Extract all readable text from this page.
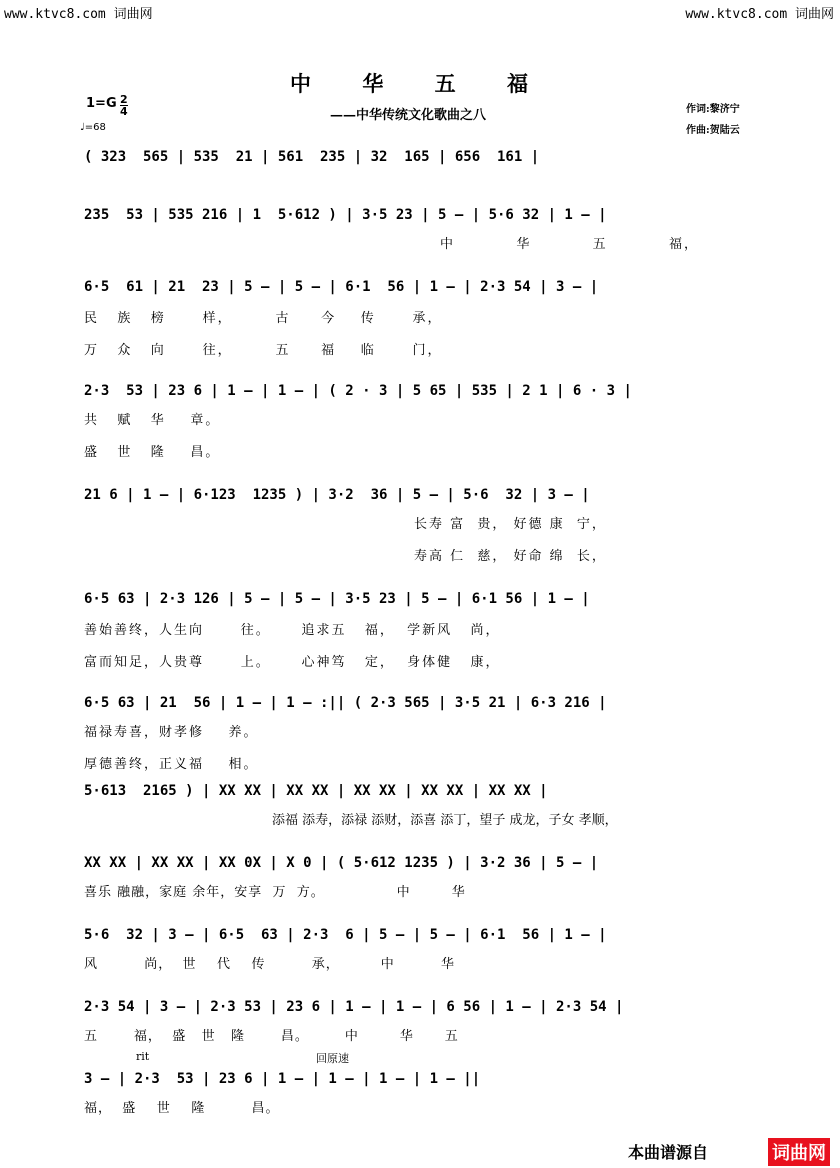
www.ktvc8.com 词曲网	www.ktvc8.com 词曲网
中 华 五 福
——中华传统文化歌曲之八	作词:黎济宁
作曲:贺陆云
1=G 2
4
♩=68
( 323  565 | 535  21 | 561  235 | 32  165 | 656  161 |
235  53 | 535 216 | 1  5·612 ) | 3·5 23 | 5 — | 5·6 32 | 1 — |
中          华          五          福，
6·5  61 | 21  23 | 5 — | 5 — | 6·1  56 | 1 — | 2·3 54 | 3 — |
民   族   榜      样，       古     今    传      承，
万   众   向      往，       五     福    临      门，
2·3  53 | 23 6 | 1 — | 1 — | ( 2 · 3 | 5 65 | 535 | 2 1 | 6 · 3 |
共   赋   华    章。
盛   世   隆    昌。
21 6 | 1 — | 6·123  1235 ) | 3·2  36 | 5 — | 5·6  32 | 3 — |
长寿 富  贵， 好德 康  宁，
寿高 仁  慈， 好命 绵  长，
6·5 63 | 2·3 126 | 5 — | 5 — | 3·5 23 | 5 — | 6·1 56 | 1 — |
善始善终，人生向      往。     追求五   福，  学新风   尚，
富而知足，人贵尊      上。     心神笃   定，  身体健   康，
6·5 63 | 21  56 | 1 — | 1 — :|| ( 2·3 565 | 3·5 21 | 6·3 216 |
福禄寿喜，财孝修    养。
厚德善终，正义福    相。
5·613  2165 ) | XX XX | XX XX | XX XX | XX XX | XX XX |
添福 添寿，添禄 添财，添喜 添丁，望子 成龙，子女 孝顺，
XX XX | XX XX | XX 0X | X 0 | ( 5·612 1235 ) | 3·2 36 | 5 — |
喜乐 融融，家庭 余年，安享  万  方。              中        华
5·6  32 | 3 — | 6·5  63 | 2·3  6 | 5 — | 5 — | 6·1  56 | 1 — |
风         尚，  世    代    传         承，        中         华
2·3 54 | 3 — | 2·3 53 | 23 6 | 1 — | 1 — | 6 56 | 1 — | 2·3 54 |
五       福，  盛   世   隆       昌。       中        华      五
rit	回原速
3 — | 2·3  53 | 23 6 | 1 — | 1 — | 1 — | 1 — ||
福，  盛    世    隆         昌。
本曲谱源自	词曲网
